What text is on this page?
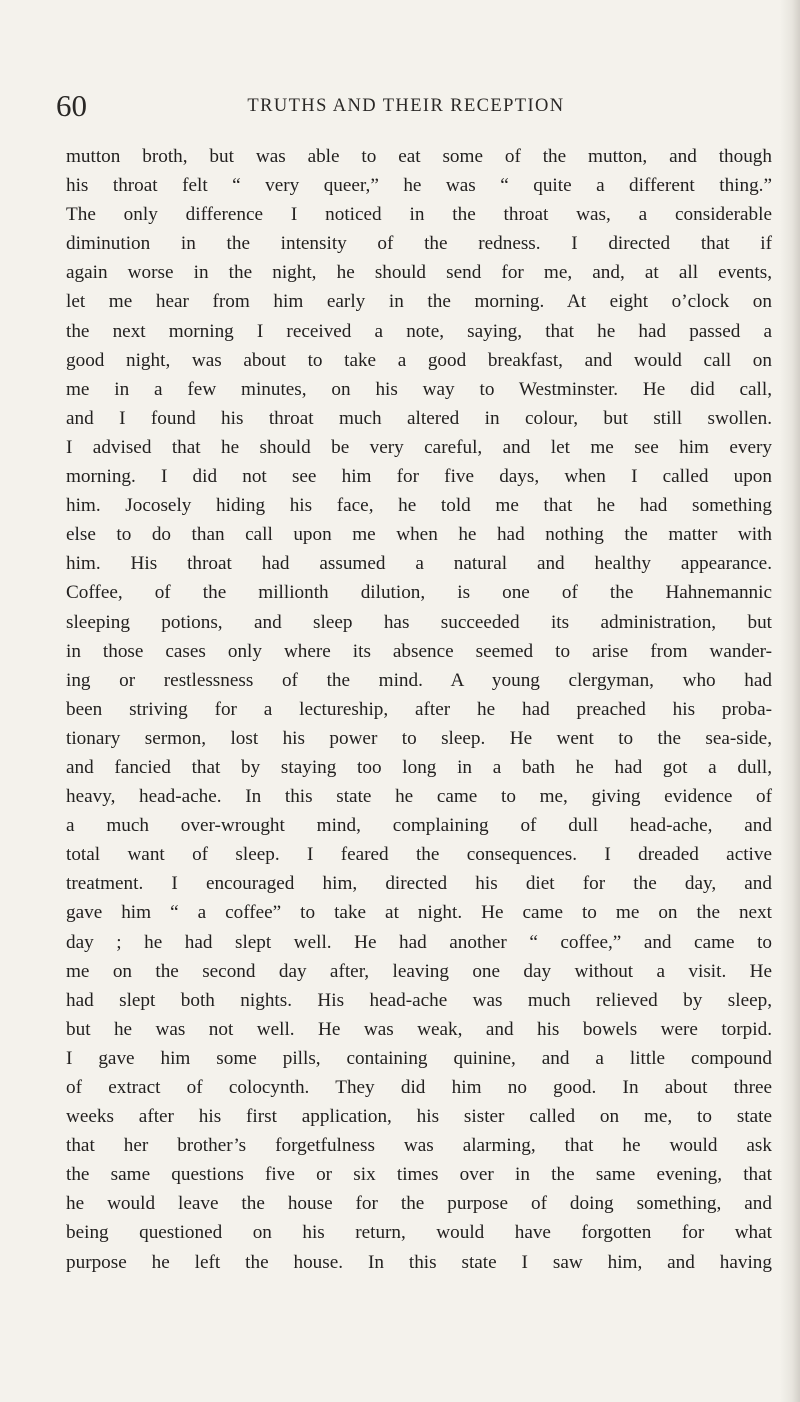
60	TRUTHS AND THEIR RECEPTION
mutton broth, but was able to eat some of the mutton, and though
his throat felt “ very queer,” he was “ quite a different thing.”
The only difference I noticed in the throat was, a considerable
diminution in the intensity of the redness. I directed that if
again worse in the night, he should send for me, and, at all events,
let me hear from him early in the morning. At eight o’clock on
the next morning I received a note, saying, that he had passed a
good night, was about to take a good breakfast, and would call on
me in a few minutes, on his way to Westminster. He did call,
and I found his throat much altered in colour, but still swollen.
I advised that he should be very careful, and let me see him every
morning. I did not see him for five days, when I called upon
him. Jocosely hiding his face, he told me that he had something
else to do than call upon me when he had nothing the matter with
him. His throat had assumed a natural and healthy appearance.
Coffee, of the millionth dilution, is one of the Hahnemannic
sleeping potions, and sleep has succeeded its administration, but
in those cases only where its absence seemed to arise from wander-
ing or restlessness of the mind. A young clergyman, who had
been striving for a lectureship, after he had preached his proba-
tionary sermon, lost his power to sleep. He went to the sea-side,
and fancied that by staying too long in a bath he had got a dull,
heavy, head-ache. In this state he came to me, giving evidence of
a much over-wrought mind, complaining of dull head-ache, and
total want of sleep. I feared the consequences. I dreaded active
treatment. I encouraged him, directed his diet for the day, and
gave him “ a coffee” to take at night. He came to me on the next
day ; he had slept well. He had another “ coffee,” and came to
me on the second day after, leaving one day without a visit. He
had slept both nights. His head-ache was much relieved by sleep,
but he was not well. He was weak, and his bowels were torpid.
I gave him some pills, containing quinine, and a little compound
of extract of colocynth. They did him no good. In about three
weeks after his first application, his sister called on me, to state
that her brother’s forgetfulness was alarming, that he would ask
the same questions five or six times over in the same evening, that
he would leave the house for the purpose of doing something, and
being questioned on his return, would have forgotten for what
purpose he left the house. In this state I saw him, and having
